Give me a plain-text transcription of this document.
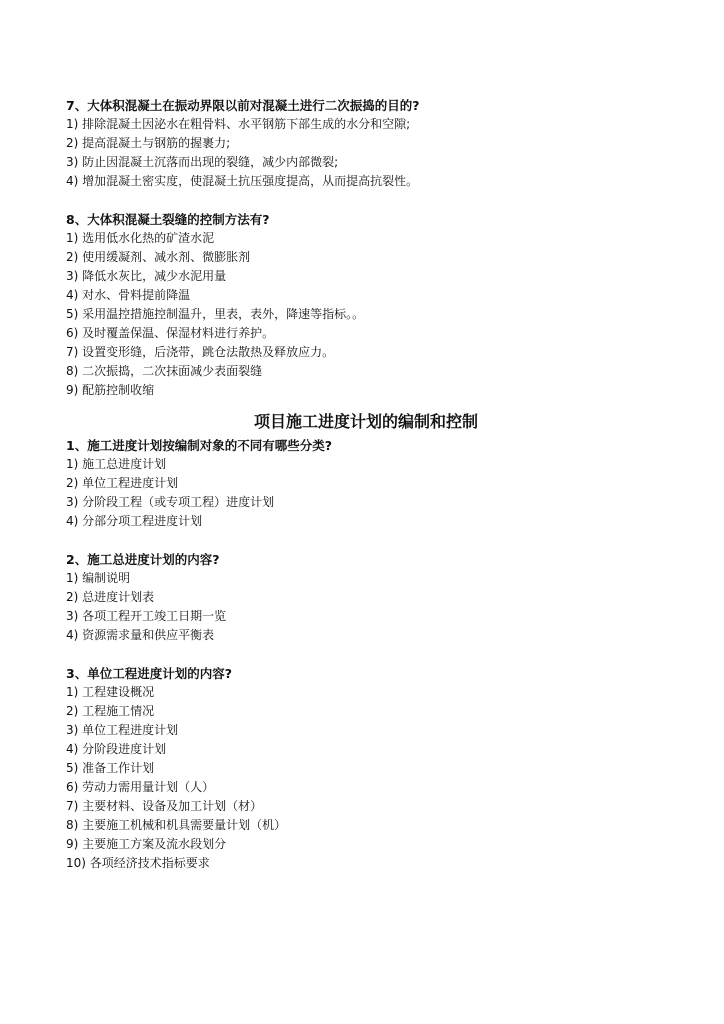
7、大体积混凝土在振动界限以前对混凝土进行二次振捣的目的?
1) 排除混凝土因泌水在粗骨料、水平钢筋下部生成的水分和空隙;
2) 提高混凝土与钢筋的握裹力;
3) 防止因混凝土沉落而出现的裂缝，减少内部微裂;
4) 增加混凝土密实度，使混凝土抗压强度提高，从而提高抗裂性。
8、大体积混凝土裂缝的控制方法有?
1) 选用低水化热的矿渣水泥
2) 使用缓凝剂、减水剂、微膨胀剂
3) 降低水灰比，减少水泥用量
4) 对水、骨料提前降温
5) 采用温控措施控制温升，里表，表外，降速等指标。。
6) 及时覆盖保温、保湿材料进行养护。
7) 设置变形缝，后浇带，跳仓法散热及释放应力。
8) 二次振捣，二次抹面减少表面裂缝
9) 配筋控制收缩
项目施工进度计划的编制和控制
1、施工进度计划按编制对象的不同有哪些分类?
1) 施工总进度计划
2) 单位工程进度计划
3) 分阶段工程（或专项工程）进度计划
4) 分部分项工程进度计划
2、施工总进度计划的内容?
1) 编制说明
2) 总进度计划表
3) 各项工程开工竣工日期一览
4) 资源需求量和供应平衡表
3、单位工程进度计划的内容?
1) 工程建设概况
2) 工程施工情况
3) 单位工程进度计划
4) 分阶段进度计划
5) 准备工作计划
6) 劳动力需用量计划（人）
7) 主要材料、设备及加工计划（材）
8) 主要施工机械和机具需要量计划（机）
9) 主要施工方案及流水段划分
10) 各项经济技术指标要求
